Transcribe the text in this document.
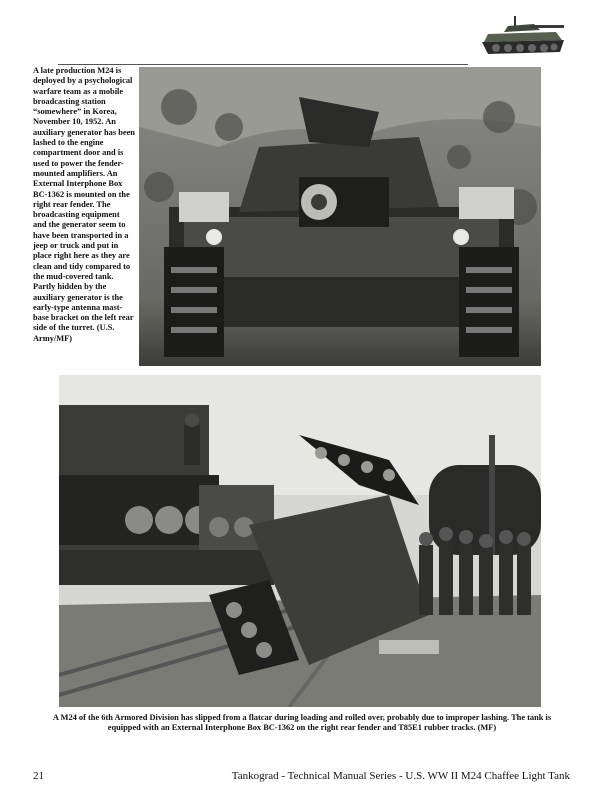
A late production M24 is deployed by a psychological warfare team as a mobile broadcasting station “somewhere” in Korea, November 10, 1952. An auxiliary generator has been lashed to the engine compartment door and is used to power the fender-mounted amplifiers. An External Interphone Box BC-1362 is mounted on the right rear fender. The broadcasting equipment and the generator seem to have been transported in a jeep or truck and put in place right here as they are clean and tidy compared to the mud-covered tank. Partly hidden by the auxiliary generator is the early-type antenna mast-base bracket on the left rear side of the turret. (U.S. Army/MF)
A M24 of the 6th Armored Division has slipped from a flatcar during loading and rolled over, probably due to improper lashing. The tank is equipped with an External Interphone Box BC-1362 on the right rear fender and T85E1 rubber tracks. (MF)
21	Tankograd - Technical Manual Series - U.S. WW II M24 Chaffee Light Tank
